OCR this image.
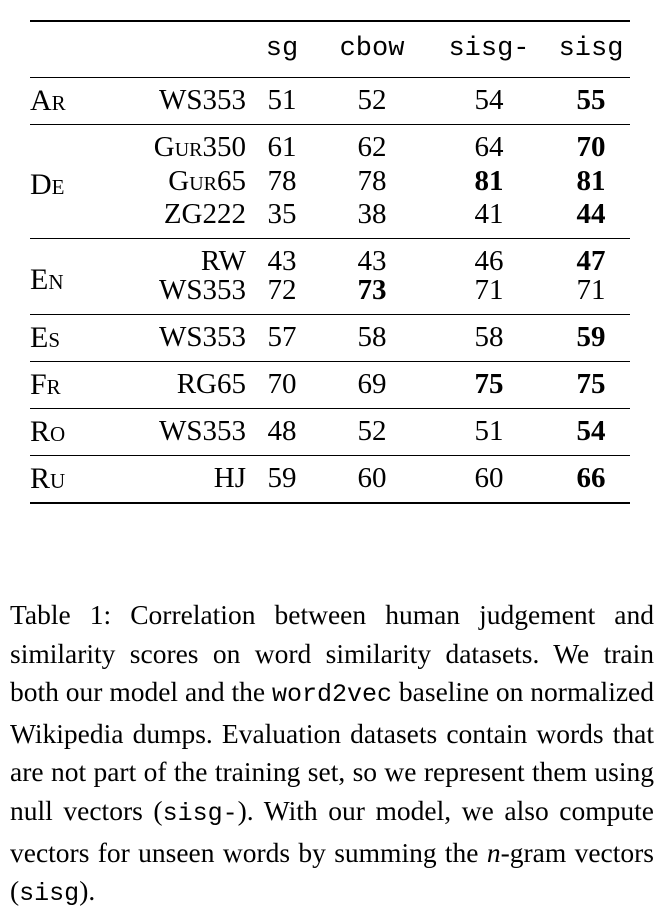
		sg	cbow	sisg-	sisg
Ar	WS353	51	52	54	55
De	Gur350	61	62	64	70
	Gur65	78	78	81	81
	ZG222	35	38	41	44
En	RW	43	43	46	47
	WS353	72	73	71	71
Es	WS353	57	58	58	59
Fr	RG65	70	69	75	75
Ro	WS353	48	52	51	54
Ru	HJ	59	60	60	66
Table 1: Correlation between human judgement and similarity scores on word similarity datasets. We train both our model and the word2vec baseline on normalized Wikipedia dumps. Evaluation datasets contain words that are not part of the training set, so we represent them using null vectors (sisg-). With our model, we also compute vectors for unseen words by summing the n-gram vectors (sisg).
